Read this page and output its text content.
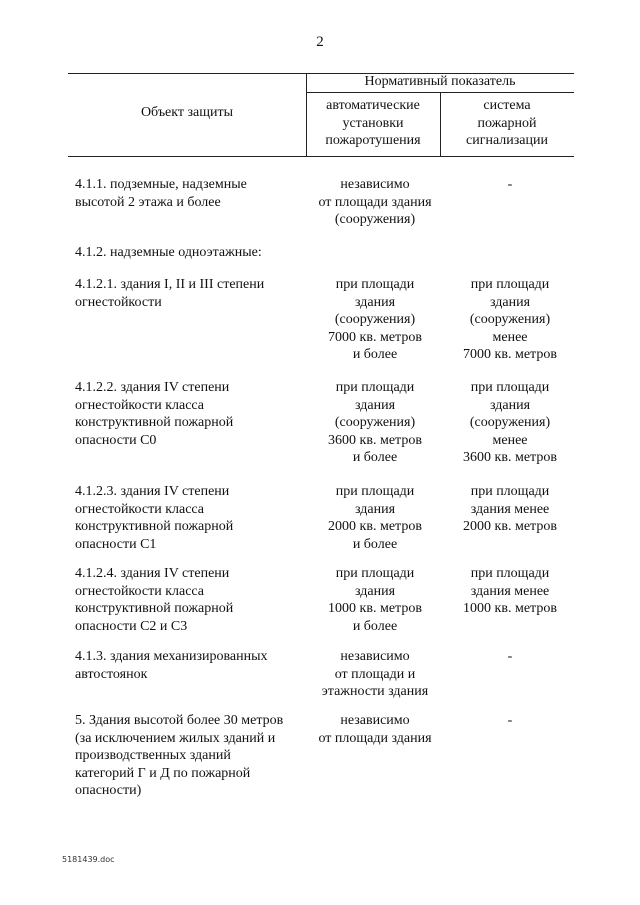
2
Объект защиты
Нормативный показатель
автоматические
установки
пожаротушения
система
пожарной
сигнализации
4.1.1. подземные, надземные
высотой 2 этажа и более
независимо
от площади здания
(сооружения)
-
4.1.2. надземные одноэтажные:
4.1.2.1. здания I, II и III степени
огнестойкости
при площади
здания
(сооружения)
7000 кв. метров
и более
при площади
здания
(сооружения)
менее
7000 кв. метров
4.1.2.2. здания IV степени
огнестойкости класса
конструктивной пожарной
опасности С0
при площади
здания
(сооружения)
3600 кв. метров
и более
при площади
здания
(сооружения)
менее
3600 кв. метров
4.1.2.3. здания IV степени
огнестойкости класса
конструктивной пожарной
опасности С1
при площади
здания
2000 кв. метров
и более
при площади
здания менее
2000 кв. метров
4.1.2.4. здания IV степени
огнестойкости класса
конструктивной пожарной
опасности С2 и С3
при площади
здания
1000 кв. метров
и более
при площади
здания менее
1000 кв. метров
4.1.3. здания механизированных
автостоянок
независимо
от площади и
этажности здания
-
5. Здания высотой более 30 метров
(за исключением жилых зданий и
производственных зданий
категорий Г и Д по пожарной
опасности)
независимо
от площади здания
-
5181439.doc
